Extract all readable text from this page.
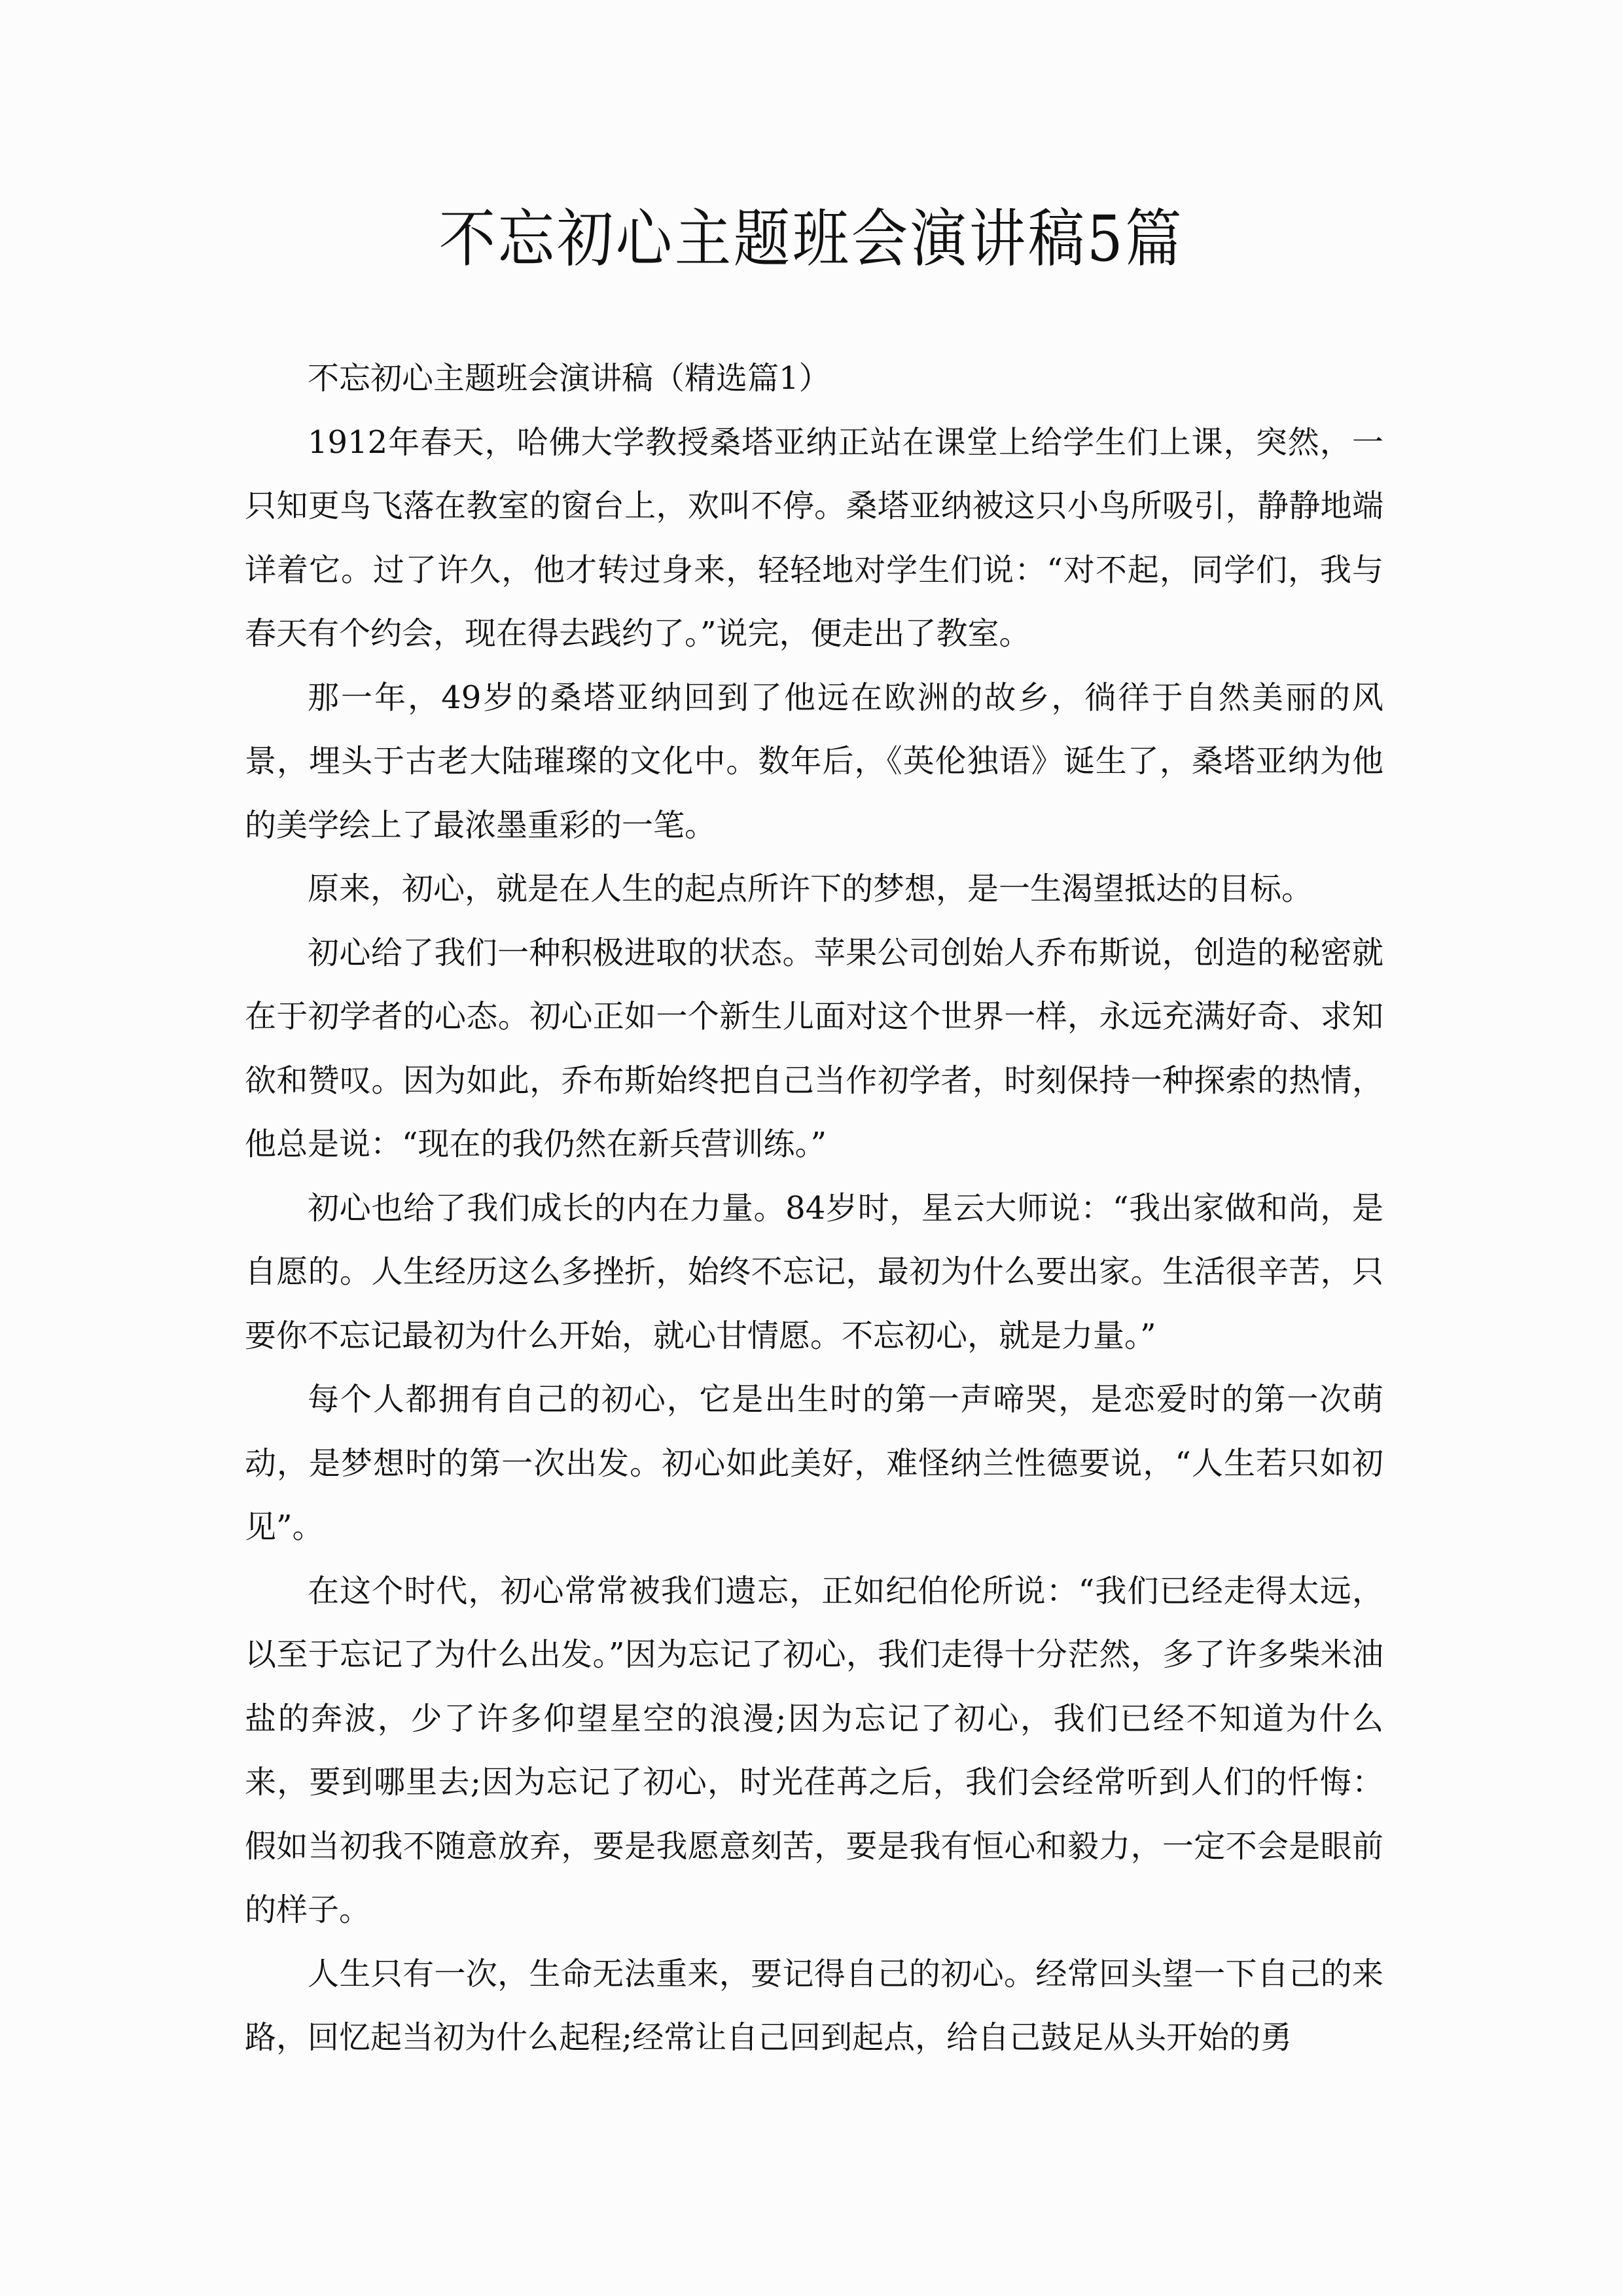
不忘初心主题班会演讲稿5篇

不忘初心主题班会演讲稿（精选篇1）

1912年春天，哈佛大学教授桑塔亚纳正站在课堂上给学生们上课，突然，一只知更鸟飞落在教室的窗台上，欢叫不停。桑塔亚纳被这只小鸟所吸引，静静地端详着它。过了许久，他才转过身来，轻轻地对学生们说：“对不起，同学们，我与春天有个约会，现在得去践约了。”说完，便走出了教室。

那一年，49岁的桑塔亚纳回到了他远在欧洲的故乡，徜徉于自然美丽的风景，埋头于古老大陆璀璨的文化中。数年后，《英伦独语》诞生了，桑塔亚纳为他的美学绘上了最浓墨重彩的一笔。

原来，初心，就是在人生的起点所许下的梦想，是一生渴望抵达的目标。

初心给了我们一种积极进取的状态。苹果公司创始人乔布斯说，创造的秘密就在于初学者的心态。初心正如一个新生儿面对这个世界一样，永远充满好奇、求知欲和赞叹。因为如此，乔布斯始终把自己当作初学者，时刻保持一种探索的热情，他总是说：“现在的我仍然在新兵营训练。”

初心也给了我们成长的内在力量。84岁时，星云大师说：“我出家做和尚，是自愿的。人生经历这么多挫折，始终不忘记，最初为什么要出家。生活很辛苦，只要你不忘记最初为什么开始，就心甘情愿。不忘初心，就是力量。”

每个人都拥有自己的初心，它是出生时的第一声啼哭，是恋爱时的第一次萌动，是梦想时的第一次出发。初心如此美好，难怪纳兰性德要说，“人生若只如初见”。

在这个时代，初心常常被我们遗忘，正如纪伯伦所说：“我们已经走得太远，以至于忘记了为什么出发。”因为忘记了初心，我们走得十分茫然，多了许多柴米油盐的奔波，少了许多仰望星空的浪漫;因为忘记了初心，我们已经不知道为什么来，要到哪里去;因为忘记了初心，时光荏苒之后，我们会经常听到人们的忏悔：假如当初我不随意放弃，要是我愿意刻苦，要是我有恒心和毅力，一定不会是眼前的样子。

人生只有一次，生命无法重来，要记得自己的初心。经常回头望一下自己的来路，回忆起当初为什么起程;经常让自己回到起点，给自己鼓足从头开始的勇
